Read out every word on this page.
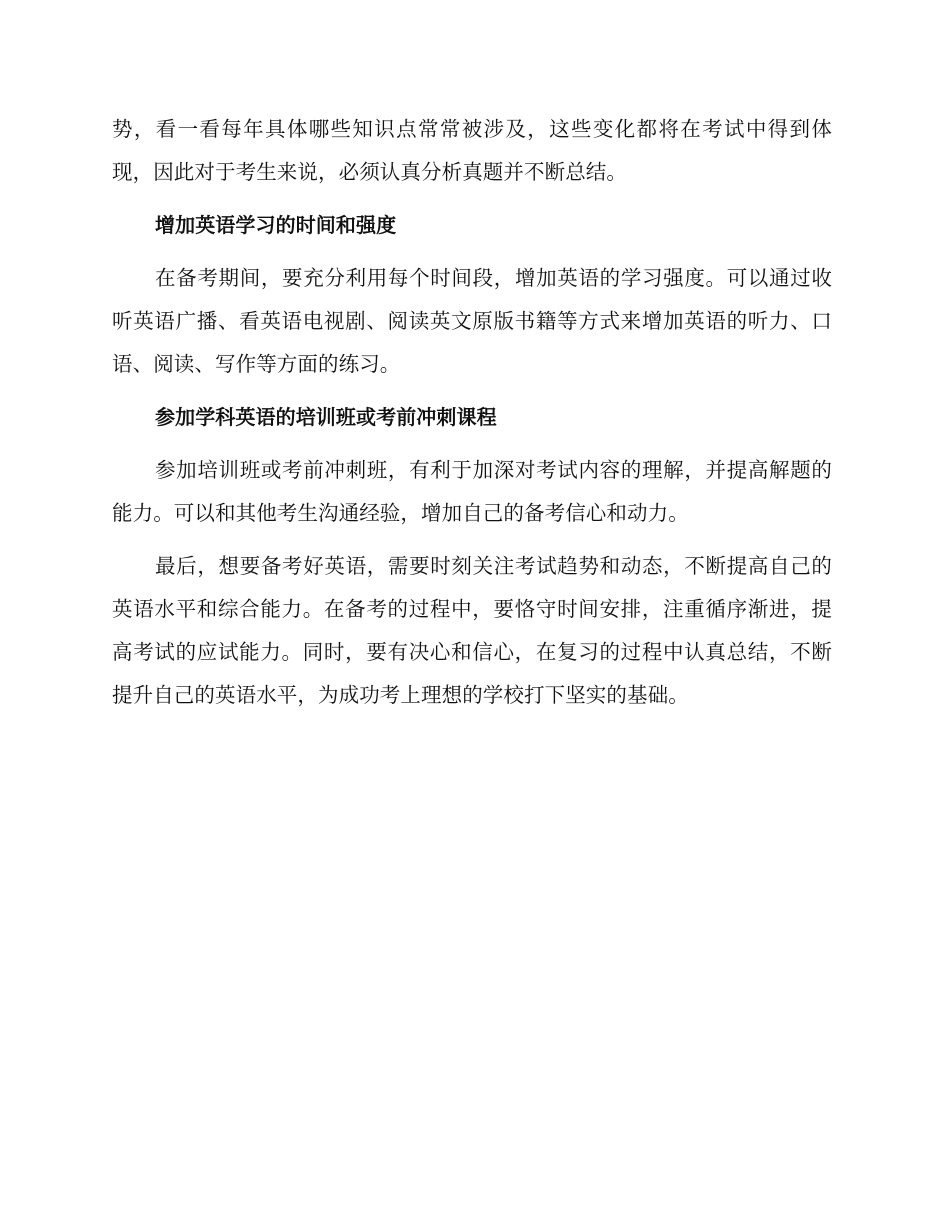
势，看一看每年具体哪些知识点常常被涉及，这些变化都将在考试中得到体现，因此对于考生来说，必须认真分析真题并不断总结。

增加英语学习的时间和强度

在备考期间，要充分利用每个时间段，增加英语的学习强度。可以通过收听英语广播、看英语电视剧、阅读英文原版书籍等方式来增加英语的听力、口语、阅读、写作等方面的练习。

参加学科英语的培训班或考前冲刺课程

参加培训班或考前冲刺班，有利于加深对考试内容的理解，并提高解题的能力。可以和其他考生沟通经验，增加自己的备考信心和动力。

最后，想要备考好英语，需要时刻关注考试趋势和动态，不断提高自己的英语水平和综合能力。在备考的过程中，要恪守时间安排，注重循序渐进，提高考试的应试能力。同时，要有决心和信心，在复习的过程中认真总结，不断提升自己的英语水平，为成功考上理想的学校打下坚实的基础。
